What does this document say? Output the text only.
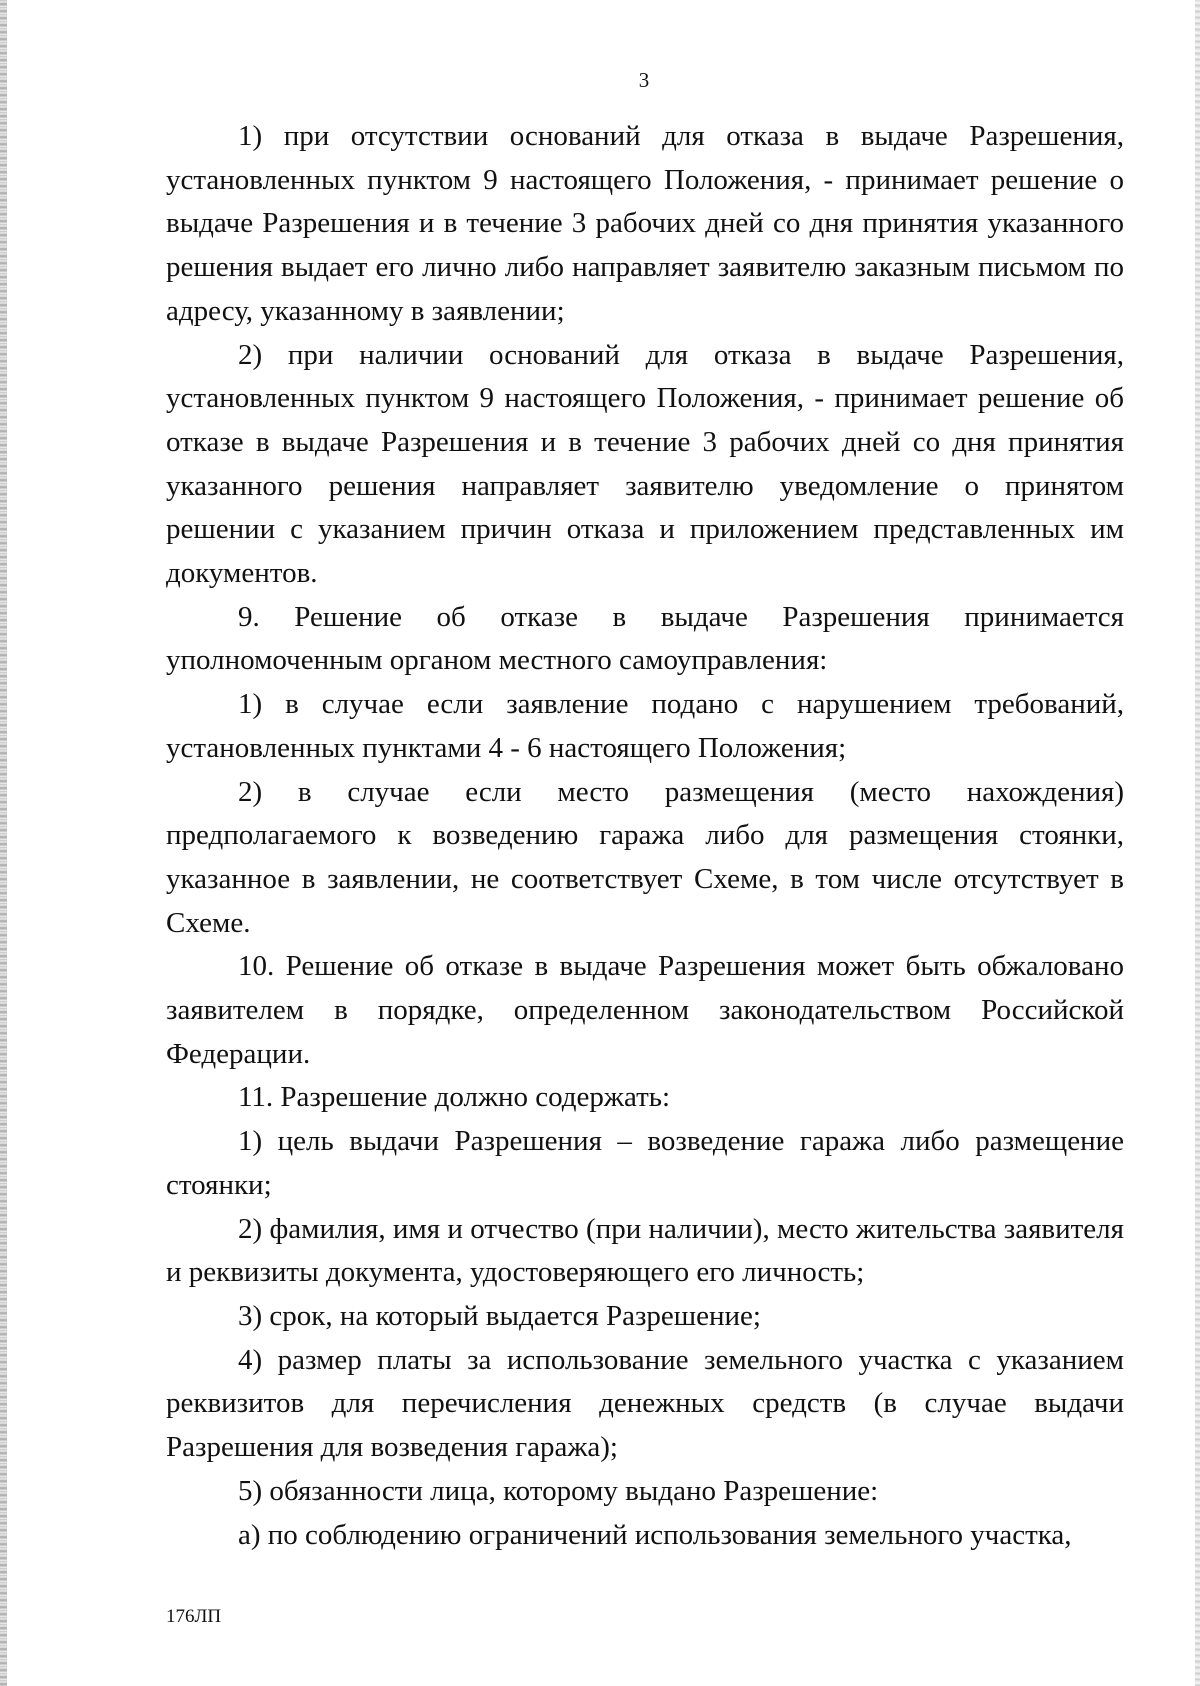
3

1) при отсутствии оснований для отказа в выдаче Разрешения, установленных пунктом 9 настоящего Положения, - принимает решение о выдаче Разрешения и в течение 3 рабочих дней со дня принятия указанного решения выдает его лично либо направляет заявителю заказным письмом по адресу, указанному в заявлении;

2) при наличии оснований для отказа в выдаче Разрешения, установленных пунктом 9 настоящего Положения, - принимает решение об отказе в выдаче Разрешения и в течение 3 рабочих дней со дня принятия указанного решения направляет заявителю уведомление о принятом решении с указанием причин отказа и приложением представленных им документов.

9. Решение об отказе в выдаче Разрешения принимается уполномоченным органом местного самоуправления:

1) в случае если заявление подано с нарушением требований, установленных пунктами 4 - 6 настоящего Положения;

2) в случае если место размещения (место нахождения) предполагаемого к возведению гаража либо для размещения стоянки, указанное в заявлении, не соответствует Схеме, в том числе отсутствует в Схеме.

10. Решение об отказе в выдаче Разрешения может быть обжаловано заявителем в порядке, определенном законодательством Российской Федерации.

11. Разрешение должно содержать:

1) цель выдачи Разрешения – возведение гаража либо размещение стоянки;

2) фамилия, имя и отчество (при наличии), место жительства заявителя и реквизиты документа, удостоверяющего его личность;

3) срок, на который выдается Разрешение;

4) размер платы за использование земельного участка с указанием реквизитов для перечисления денежных средств (в случае выдачи Разрешения для возведения гаража);

5) обязанности лица, которому выдано Разрешение:

а) по соблюдению ограничений использования земельного участка,

176ЛП
